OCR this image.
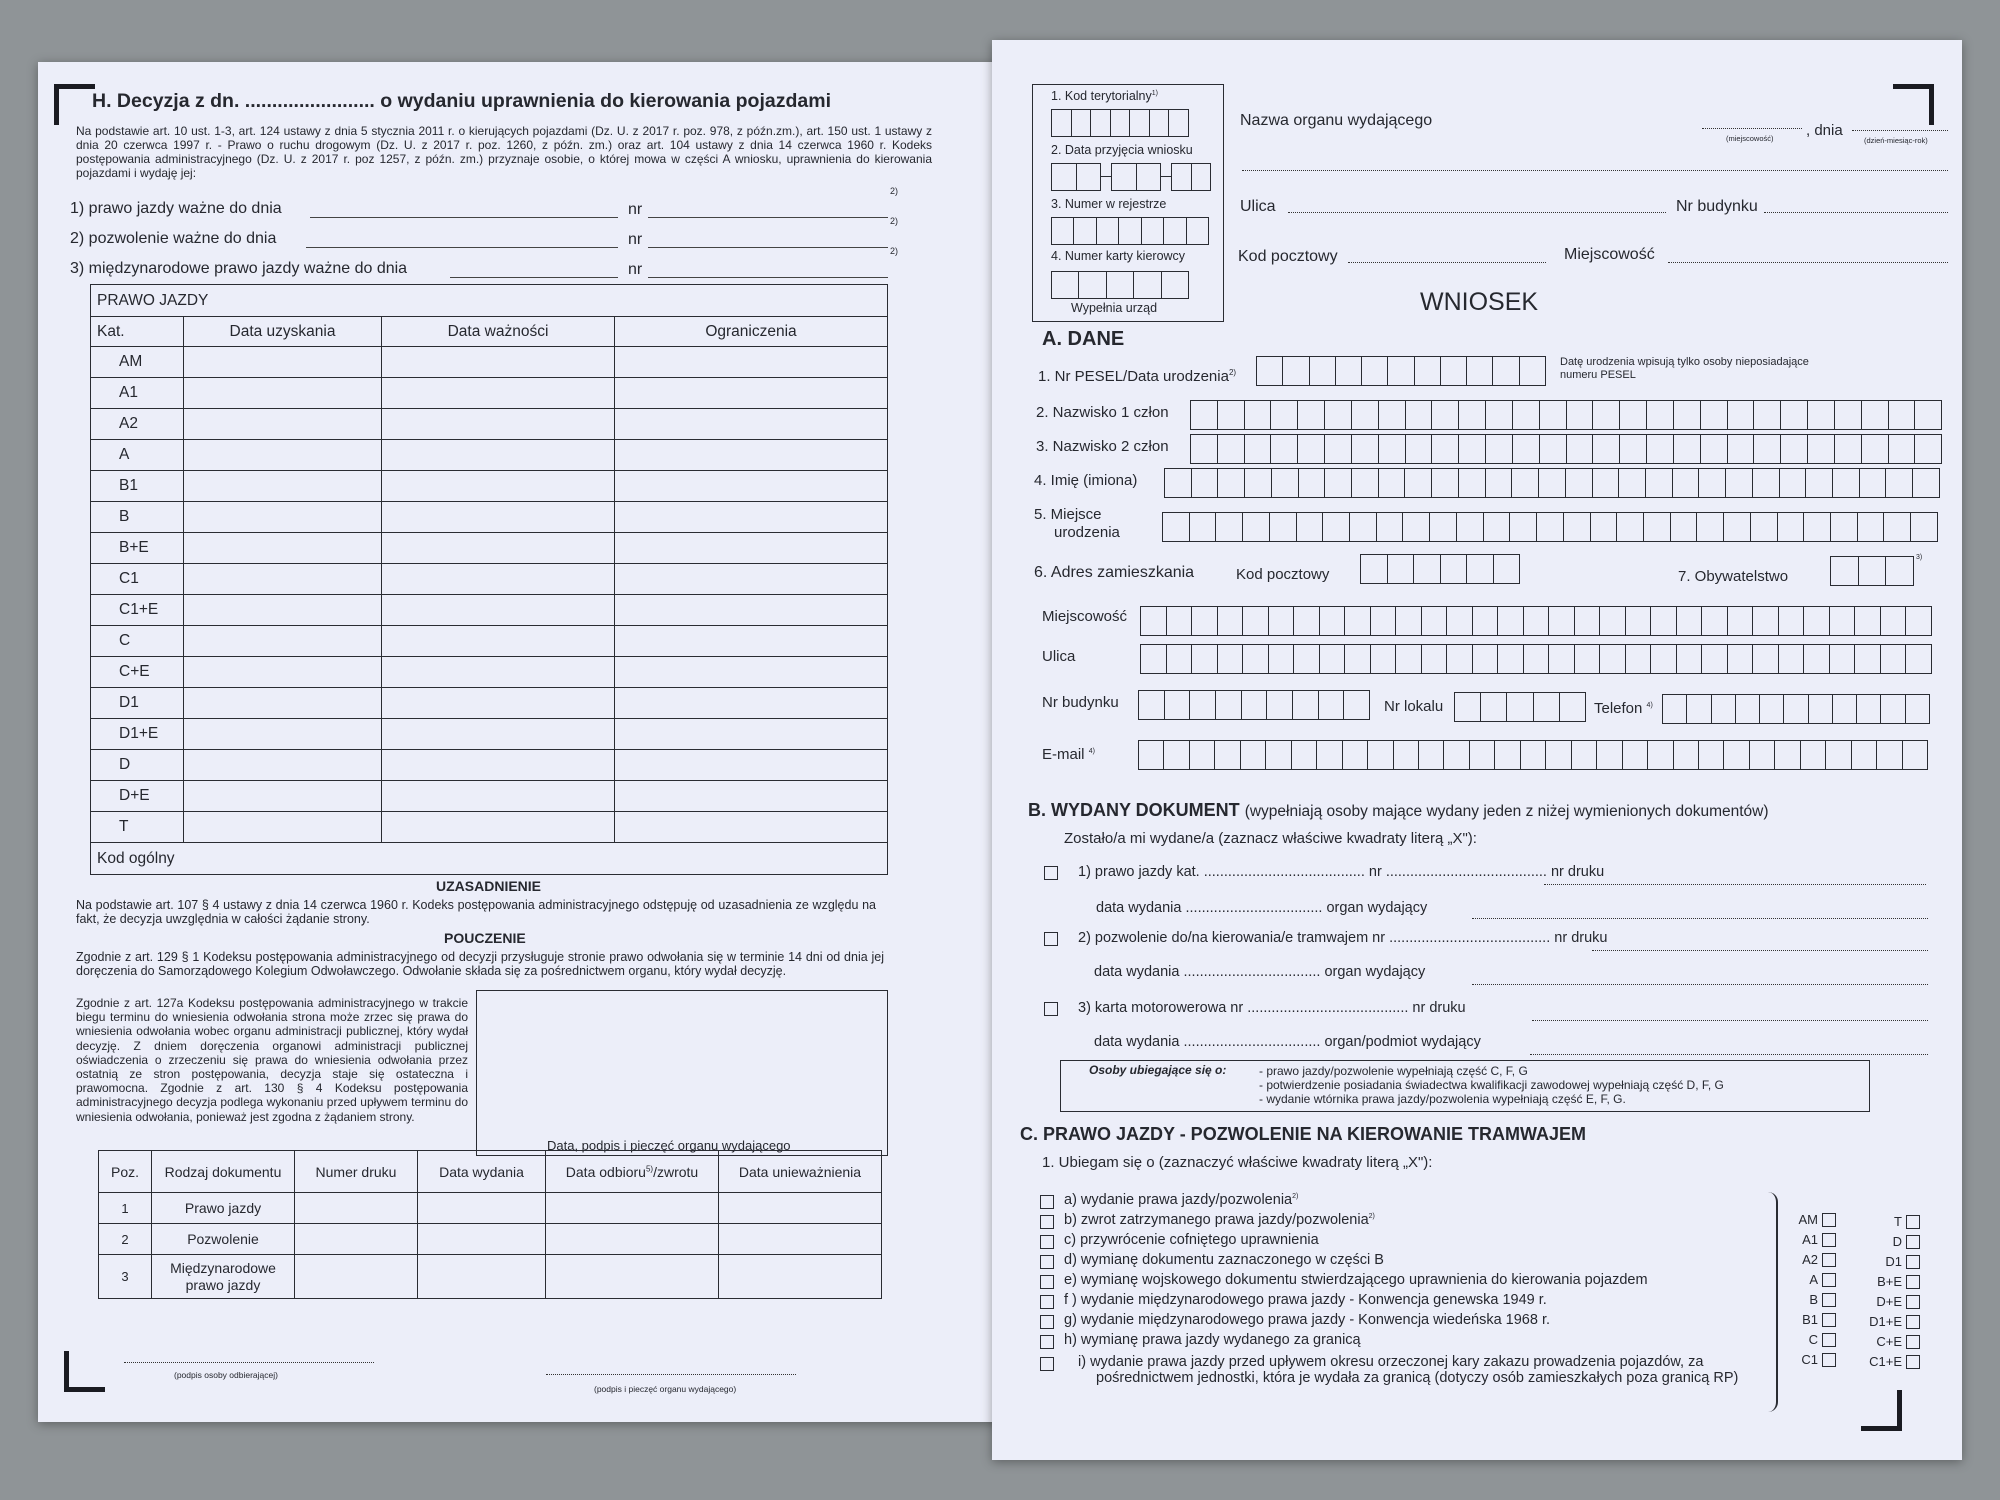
H. Decyzja z dn. ........................ o wydaniu uprawnienia do kierowania pojazdami
Na podstawie art. 10 ust. 1-3, art. 124 ustawy z dnia 5 stycznia 2011 r. o kierujących pojazdami (Dz. U. z 2017 r. poz. 978, z późn.zm.), art. 150 ust. 1 ustawy z dnia 20 czerwca 1997 r. - Prawo o ruchu drogowym (Dz. U. z 2017 r. poz. 1260, z późn. zm.) oraz art. 104 ustawy z dnia 14 czerwca 1960 r. Kodeks postępowania administracyjnego (Dz. U. z 2017 r. poz 1257, z późn. zm.) przyznaje osobie, o której mowa w części A wniosku, uprawnienia do kierowania pojazdami i wydaję jej:
1) prawo jazdy ważne do dnia	nr
2)
2) pozwolenie ważne do dnia	nr
2)
3) międzynarodowe prawo jazdy ważne do dnia	nr
2)
PRAWO JAZDY			
Kat.	Data uzyskania	Data ważności	Ograniczenia
AM			
A1			
A2			
A			
B1			
B			
B+E			
C1			
C1+E			
C			
C+E			
D1			
D1+E			
D			
D+E			
T			
Kod ogólny			
UZASADNIENIE
Na podstawie art. 107 § 4 ustawy z dnia 14 czerwca 1960 r. Kodeks postępowania administracyjnego odstępuję od uzasadnienia ze względu na fakt, że decyzja uwzględnia w całości żądanie strony.
POUCZENIE
Zgodnie z art. 129 § 1 Kodeksu postępowania administracyjnego od decyzji przysługuje stronie prawo odwołania się w terminie 14 dni od dnia jej doręczenia do Samorządowego Kolegium Odwoławczego. Odwołanie składa się za pośrednictwem organu, który wydał decyzję.
Zgodnie z art. 127a Kodeksu postępowania administracyjnego w trakcie biegu terminu do wniesienia odwołania strona może zrzec się prawa do wniesienia odwołania wobec organu administracji publicznej, który wydał decyzję. Z dniem doręczenia organowi administracji publicznej oświadczenia o zrzeczeniu się prawa do wniesienia odwołania przez ostatnią ze stron postępowania, decyzja staje się ostateczna i prawomocna. Zgodnie z art. 130 § 4 Kodeksu postępowania administracyjnego decyzja podlega wykonaniu przed upływem terminu do wniesienia odwołania, ponieważ jest zgodna z żądaniem strony.
Data, podpis i pieczęć organu wydającego
Poz.	Rodzaj dokumentu	Numer druku	Data wydania	Data odbioru$^{5)}$/zwrotu	Data unieważnienia
1	Prawo jazdy				
2	Pozwolenie				
3	Międzynarodowe prawo jazdy				
(podpis osoby odbierającej)
(podpis i pieczęć organu wydającego)
1. Kod terytorialny$^{1)}$
2. Data przyjęcia wniosku
3. Numer w rejestrze
4. Numer karty kierowcy
Wypełnia urząd
Nazwa organu wydającego
(miejscowość) , dnia
(dzień-miesiąc-rok)
Ulica	Nr budynku
Kod pocztowy	Miejscowość
WNIOSEK
A. DANE
1. Nr PESEL/Data urodzenia$^{2)}$
Datę urodzenia wpisują tylko osoby nieposiadające numeru PESEL
2. Nazwisko 1 człon
3. Nazwisko 2 człon
4. Imię (imiona)
5. Miejsce
urodzenia
6. Adres zamieszkania	Kod pocztowy	7. Obywatelstwo
3)
Miejscowość
Ulica
Nr budynku	Nr lokalu	Telefon $^{4)}$
E-mail $^{4)}$
B. WYDANY DOKUMENT (wypełniają osoby mające wydany jeden z niżej wymienionych dokumentów)
Zostało/a mi wydane/a (zaznacz właściwe kwadraty literą „X"):
1) prawo jazdy kat. ........................................ nr ........................................ nr druku
data wydania .................................. organ wydający
2) pozwolenie do/na kierowania/e tramwajem nr ........................................ nr druku
data wydania .................................. organ wydający
3) karta motorowerowa nr ........................................ nr druku
data wydania .................................. organ/podmiot wydający
Osoby ubiegające się o:	- prawo jazdy/pozwolenie wypełniają część C, F, G
- potwierdzenie posiadania świadectwa kwalifikacji zawodowej wypełniają część D, F, G
- wydanie wtórnika prawa jazdy/pozwolenia wypełniają część E, F, G.
C. PRAWO JAZDY - POZWOLENIE NA KIEROWANIE TRAMWAJEM
1. Ubiegam się o (zaznaczyć właściwe kwadraty literą „X"):
a) wydanie prawa jazdy/pozwolenia$^{2)}$
b) zwrot zatrzymanego prawa jazdy/pozwolenia$^{2)}$
c) przywrócenie cofniętego uprawnienia
d) wymianę dokumentu zaznaczonego w części B
e) wymianę wojskowego dokumentu stwierdzającego uprawnienia do kierowania pojazdem
f ) wydanie międzynarodowego prawa jazdy - Konwencja genewska 1949 r.
g) wydanie międzynarodowego prawa jazdy - Konwencja wiedeńska 1968 r.
h) wymianę prawa jazdy wydanego za granicą
i) wydanie prawa jazdy przed upływem okresu orzeczonej kary zakazu prowadzenia pojazdów, za pośrednictwem jednostki, która je wydała za granicą (dotyczy osób zamieszkałych poza granicą RP)
AM
A1
A2
A
B
B1
C
C1
T
D
D1
B+E
D+E
D1+E
C+E
C1+E
